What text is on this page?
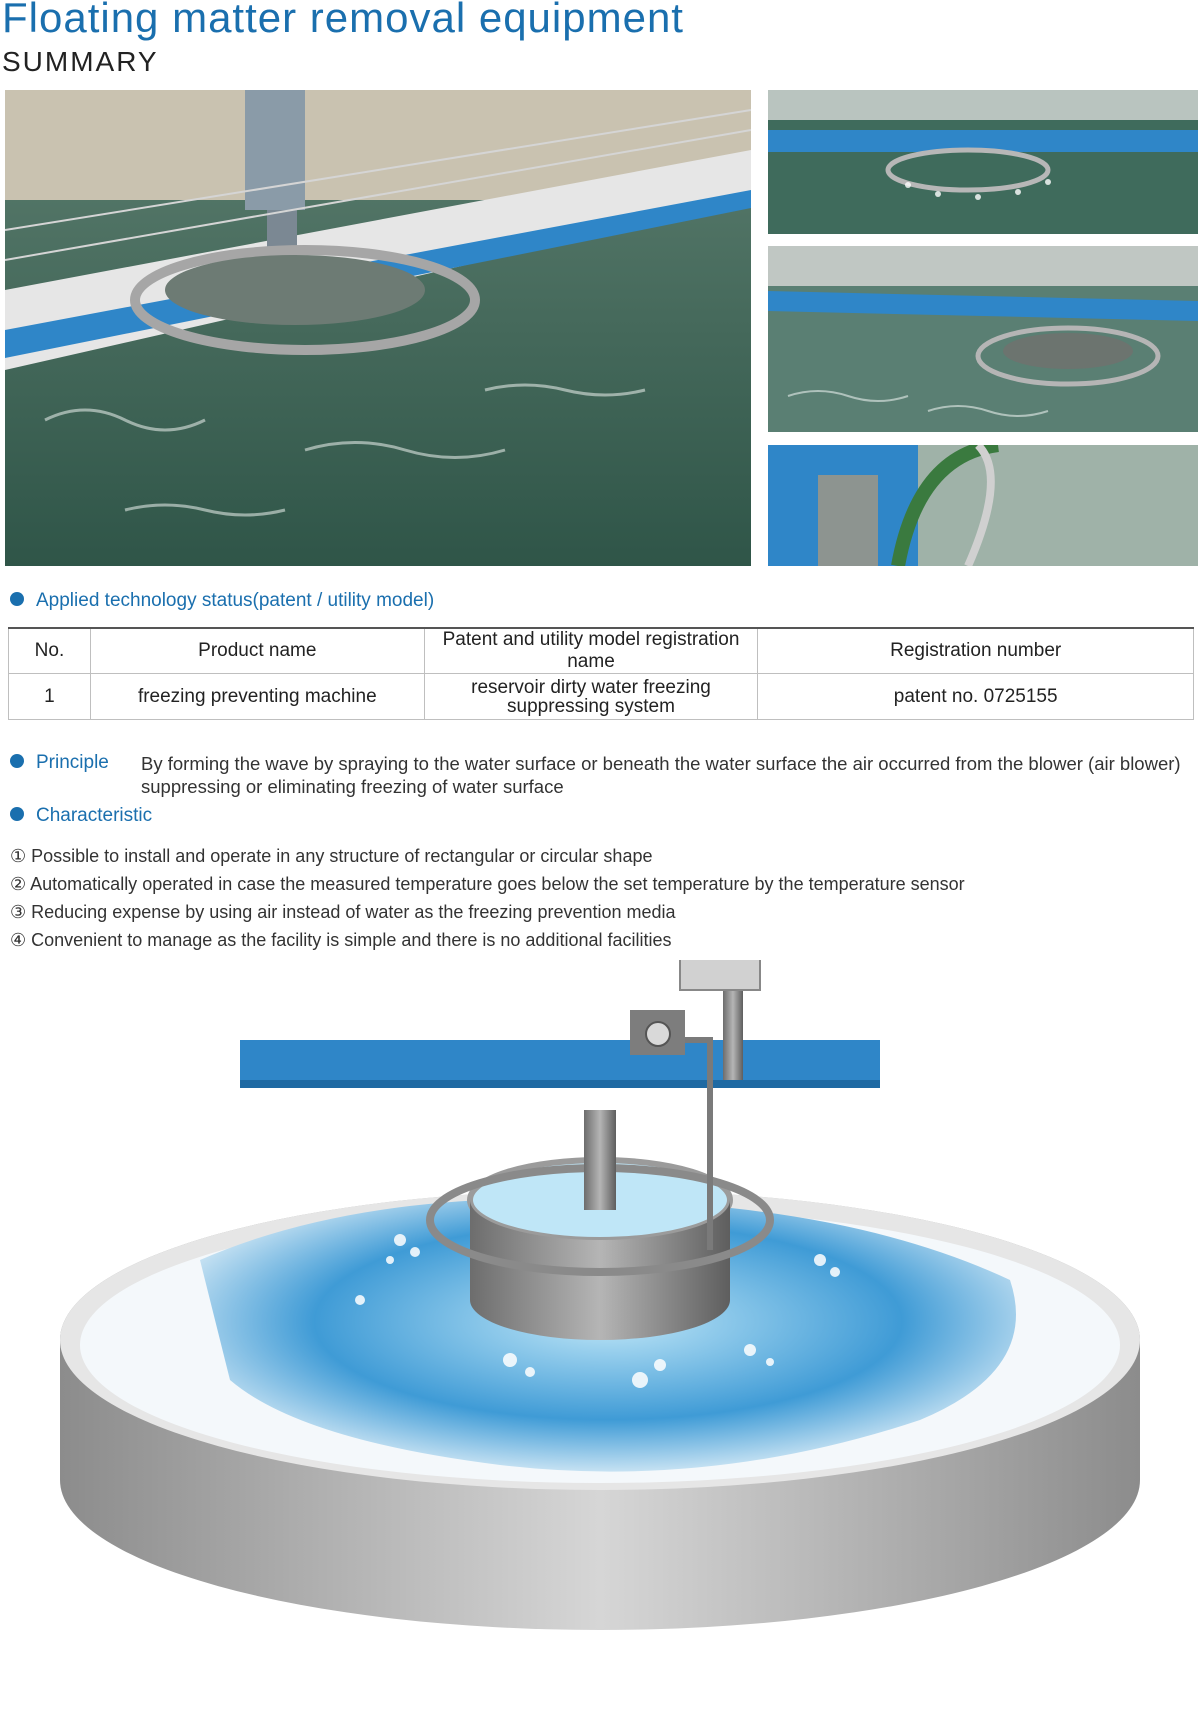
Floating matter removal equipment
SUMMARY
Applied technology status(patent / utility model)
No.	Product name	Patent and utility model registration name	Registration number
1	freezing preventing machine	reservoir dirty water freezing suppressing system	patent no. 0725155
Principle By forming the wave by spraying to the water surface or beneath the water surface the air occurred from the blower (air blower) suppressing or eliminating freezing of water surface
Characteristic
① Possible to install and operate in any structure of rectangular or circular shape
② Automatically operated in case the measured temperature goes below the set temperature by the temperature sensor
③ Reducing expense by using air instead of water as the freezing prevention media
④ Convenient to manage as the facility is simple and there is no additional facilities
